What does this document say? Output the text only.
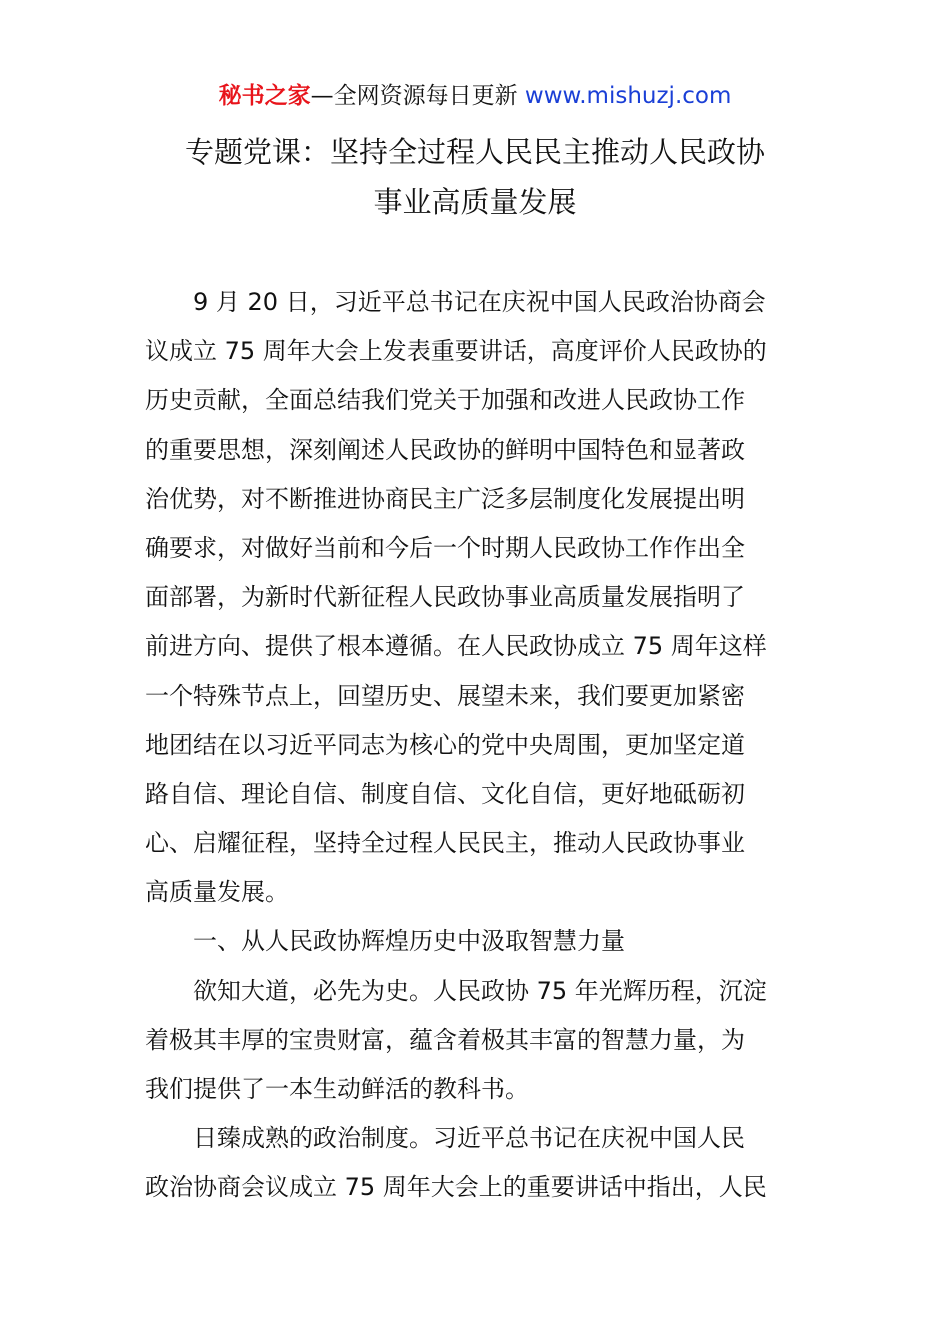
秘书之家—全网资源每日更新 www.mishuzj.com
专题党课：坚持全过程人民民主推动人民政协
事业高质量发展
9 月 20 日，习近平总书记在庆祝中国人民政治协商会
议成立 75 周年大会上发表重要讲话，高度评价人民政协的
历史贡献，全面总结我们党关于加强和改进人民政协工作
的重要思想，深刻阐述人民政协的鲜明中国特色和显著政
治优势，对不断推进协商民主广泛多层制度化发展提出明
确要求，对做好当前和今后一个时期人民政协工作作出全
面部署，为新时代新征程人民政协事业高质量发展指明了
前进方向、提供了根本遵循。在人民政协成立 75 周年这样
一个特殊节点上，回望历史、展望未来，我们要更加紧密
地团结在以习近平同志为核心的党中央周围，更加坚定道
路自信、理论自信、制度自信、文化自信，更好地砥砺初
心、启耀征程，坚持全过程人民民主，推动人民政协事业
高质量发展。
一、从人民政协辉煌历史中汲取智慧力量
欲知大道，必先为史。人民政协 75 年光辉历程，沉淀
着极其丰厚的宝贵财富，蕴含着极其丰富的智慧力量，为
我们提供了一本生动鲜活的教科书。
日臻成熟的政治制度。习近平总书记在庆祝中国人民
政治协商会议成立 75 周年大会上的重要讲话中指出，人民
